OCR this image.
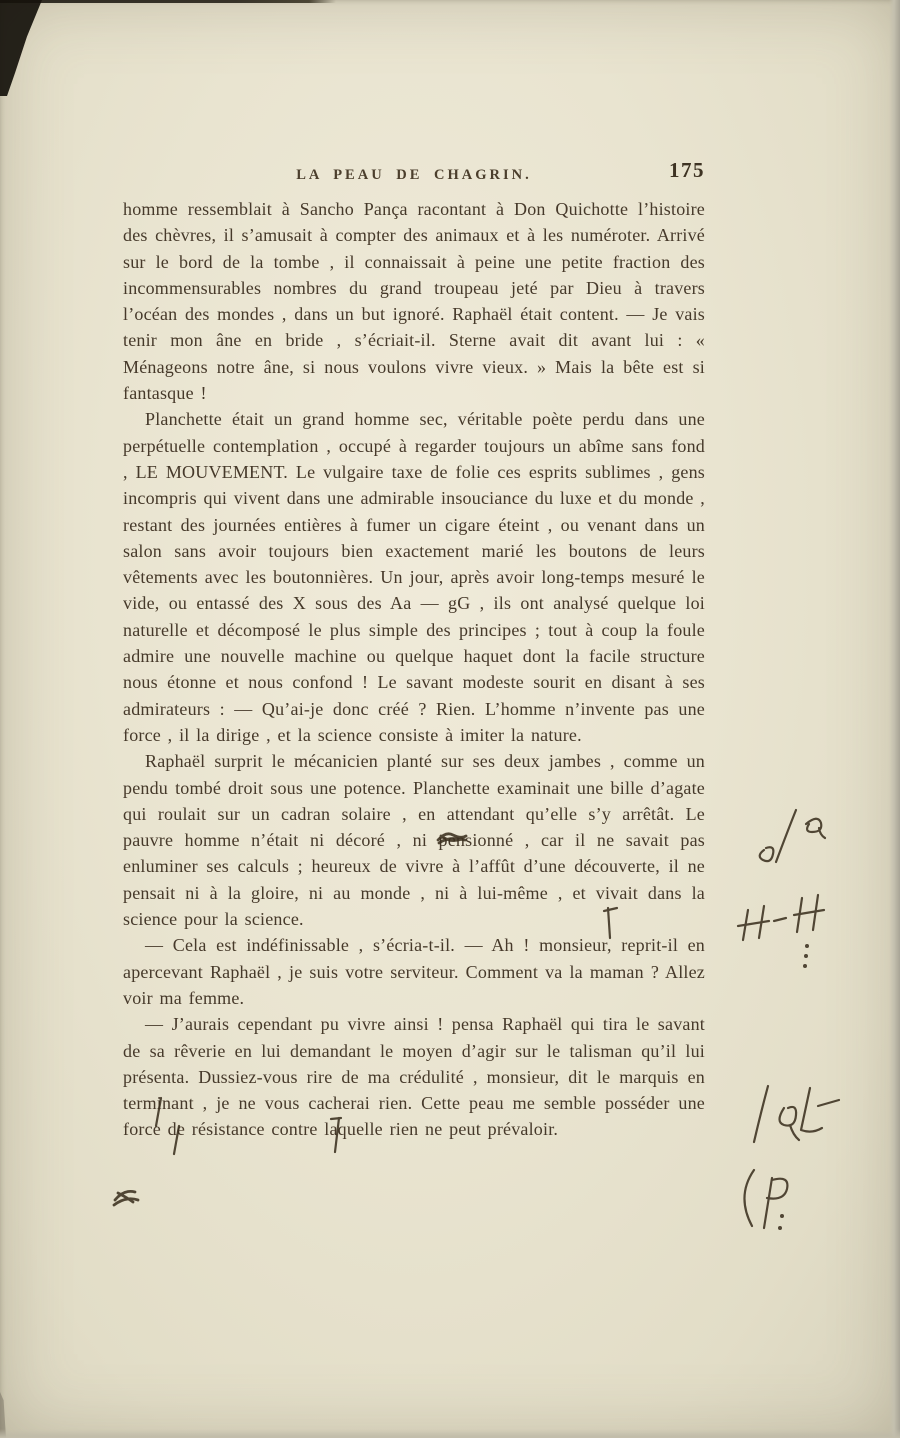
LA PEAU DE CHAGRIN.	175

homme ressemblait à Sancho Pança racontant à Don Quichotte l’histoire des chèvres, il s’amusait à compter des animaux et à les numéroter. Arrivé sur le bord de la tombe , il connaissait à peine une petite fraction des incommensurables nombres du grand troupeau jeté par Dieu à travers l’océan des mondes , dans un but ignoré. Raphaël était content. — Je vais tenir mon âne en bride , s’écriait-il. Sterne avait dit avant lui : « Ménageons notre âne, si nous voulons vivre vieux. » Mais la bête est si fantasque !

Planchette était un grand homme sec, véritable poète perdu dans une perpétuelle contemplation , occupé à regarder toujours un abîme sans fond , LE MOUVEMENT. Le vulgaire taxe de folie ces esprits sublimes , gens incompris qui vivent dans une admirable insouciance du luxe et du monde , restant des journées entières à fumer un cigare éteint , ou venant dans un salon sans avoir toujours bien exactement marié les boutons de leurs vêtements avec les boutonnières. Un jour, après avoir long-temps mesuré le vide, ou entassé des X sous des Aa — gG , ils ont analysé quelque loi naturelle et décomposé le plus simple des principes ; tout à coup la foule admire une nouvelle machine ou quelque haquet dont la facile structure nous étonne et nous confond ! Le savant modeste sourit en disant à ses admirateurs : — Qu’ai-je donc créé ? Rien. L’homme n’invente pas une force , il la dirige , et la science consiste à imiter la nature.

Raphaël surprit le mécanicien planté sur ses deux jambes , comme un pendu tombé droit sous une potence. Planchette examinait une bille d’agate qui roulait sur un cadran solaire , en attendant qu’elle s’y arrêtât. Le pauvre homme n’était ni décoré , ni pensionné , car il ne savait pas enluminer ses calculs ; heureux de vivre à l’affût d’une découverte, il ne pensait ni à la gloire, ni au monde , ni à lui-même , et vivait dans la science pour la science.

— Cela est indéfinissable , s’écria-t-il. — Ah ! monsieur, reprit-il en apercevant Raphaël , je suis votre serviteur. Comment va la maman ? Allez voir ma femme.

— J’aurais cependant pu vivre ainsi ! pensa Raphaël qui tira le savant de sa rêverie en lui demandant le moyen d’agir sur le talisman qu’il lui présenta. Dussiez-vous rire de ma crédulité , monsieur, dit le marquis en terminant , je ne vous cacherai rien. Cette peau me semble posséder une force de résistance contre laquelle rien ne peut prévaloir.
